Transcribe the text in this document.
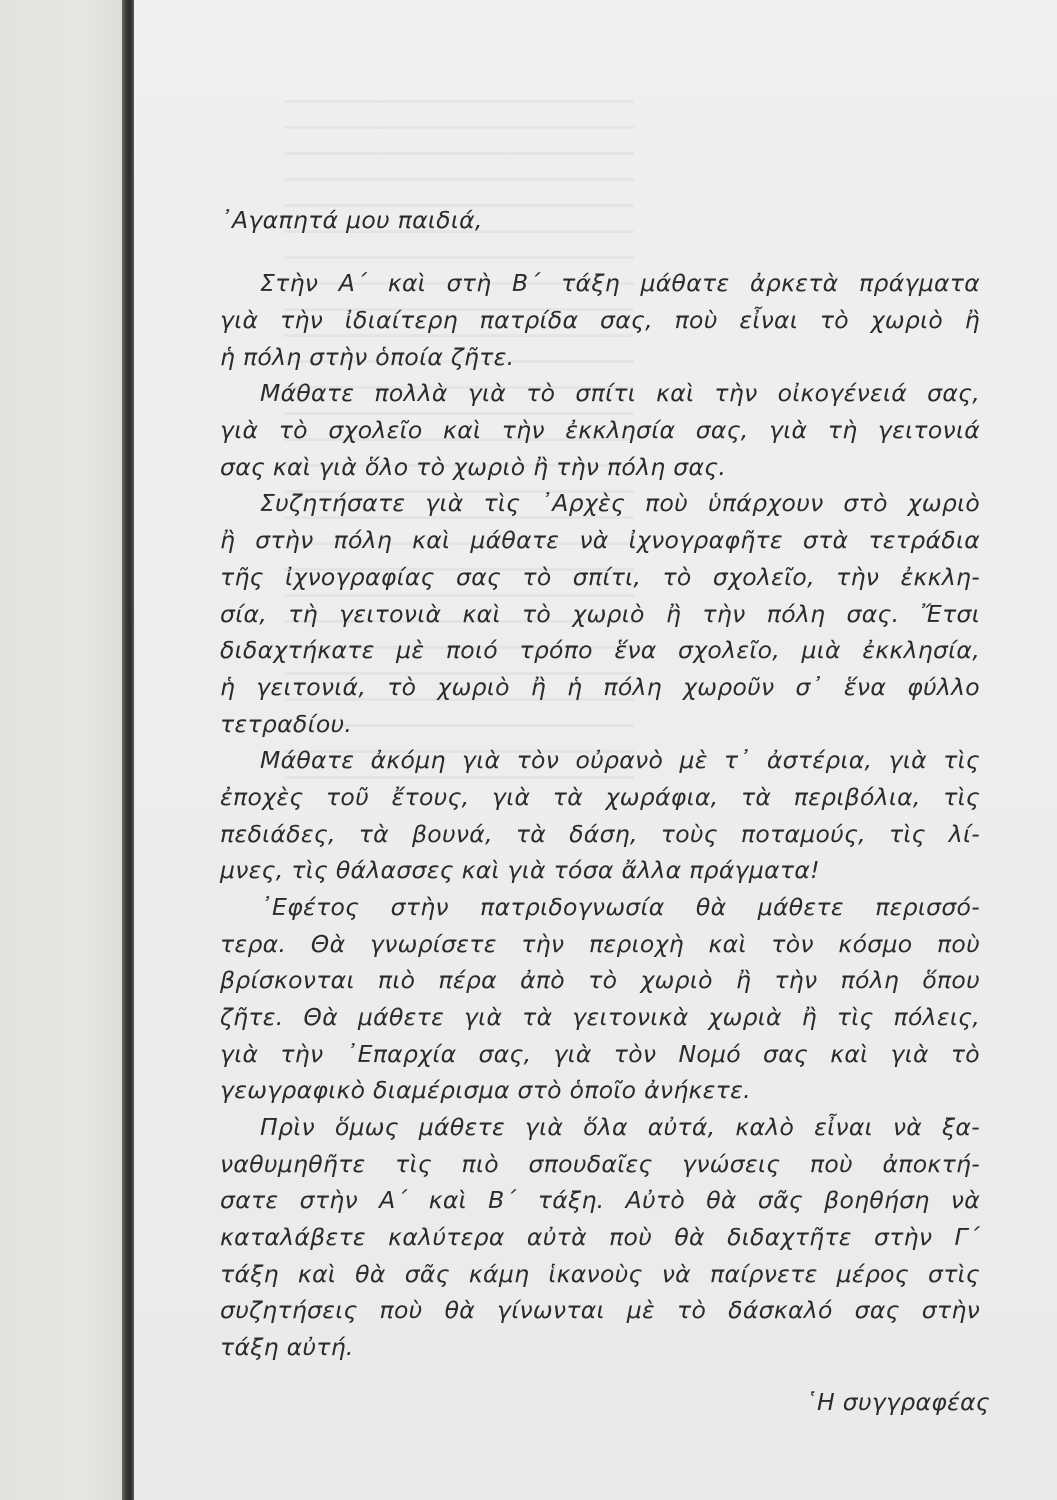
᾿Αγαπητά μου παιδιά,
Στὴν Α΄ καὶ στὴ Β΄ τάξη μάθατε ἀρκετὰ πράγματα
γιὰ τὴν ἰδιαίτερη πατρίδα σας, ποὺ εἶναι τὸ χωριὸ ἢ
ἡ πόλη στὴν ὁποία ζῆτε.
Μάθατε πολλὰ γιὰ τὸ σπίτι καὶ τὴν οἰκογένειά σας,
γιὰ τὸ σχολεῖο καὶ τὴν ἐκκλησία σας, γιὰ τὴ γειτονιά
σας καὶ γιὰ ὅλο τὸ χωριὸ ἢ τὴν πόλη σας.
Συζητήσατε γιὰ τὶς ᾿Αρχὲς ποὺ ὑπάρχουν στὸ χωριὸ
ἢ στὴν πόλη καὶ μάθατε νὰ ἰχνογραφῆτε στὰ τετράδια
τῆς ἰχνογραφίας σας τὸ σπίτι, τὸ σχολεῖο, τὴν ἐκκλη-
σία, τὴ γειτονιὰ καὶ τὸ χωριὸ ἢ τὴν πόλη σας. Ἔτσι
διδαχτήκατε μὲ ποιό τρόπο ἕνα σχολεῖο, μιὰ ἐκκλησία,
ἡ γειτονιά, τὸ χωριὸ ἢ ἡ πόλη χωροῦν σ᾿ ἕνα φύλλο
τετραδίου.
Μάθατε ἀκόμη γιὰ τὸν οὐρανὸ μὲ τ᾿ ἀστέρια, γιὰ τὶς
ἐποχὲς τοῦ ἔτους, γιὰ τὰ χωράφια, τὰ περιβόλια, τὶς
πεδιάδες, τὰ βουνά, τὰ δάση, τοὺς ποταμούς, τὶς λί-
μνες, τὶς θάλασσες καὶ γιὰ τόσα ἄλλα πράγματα!
᾿Εφέτος στὴν πατριδογνωσία θὰ μάθετε περισσό-
τερα. Θὰ γνωρίσετε τὴν περιοχὴ καὶ τὸν κόσμο ποὺ
βρίσκονται πιὸ πέρα ἀπὸ τὸ χωριὸ ἢ τὴν πόλη ὅπου
ζῆτε. Θὰ μάθετε γιὰ τὰ γειτονικὰ χωριὰ ἢ τὶς πόλεις,
γιὰ τὴν ᾿Επαρχία σας, γιὰ τὸν Νομό σας καὶ γιὰ τὸ
γεωγραφικὸ διαμέρισμα στὸ ὁποῖο ἀνήκετε.
Πρὶν ὅμως μάθετε γιὰ ὅλα αὐτά, καλὸ εἶναι νὰ ξα-
ναθυμηθῆτε τὶς πιὸ σπουδαῖες γνώσεις ποὺ ἀποκτή-
σατε στὴν Α΄ καὶ Β΄ τάξη. Αὐτὸ θὰ σᾶς βοηθήση νὰ
καταλάβετε καλύτερα αὐτὰ ποὺ θὰ διδαχτῆτε στὴν Γ΄
τάξη καὶ θὰ σᾶς κάμη ἱκανοὺς νὰ παίρνετε μέρος στὶς
συζητήσεις ποὺ θὰ γίνωνται μὲ τὸ δάσκαλό σας στὴν
τάξη αὐτή.
῾Η συγγραφέας
